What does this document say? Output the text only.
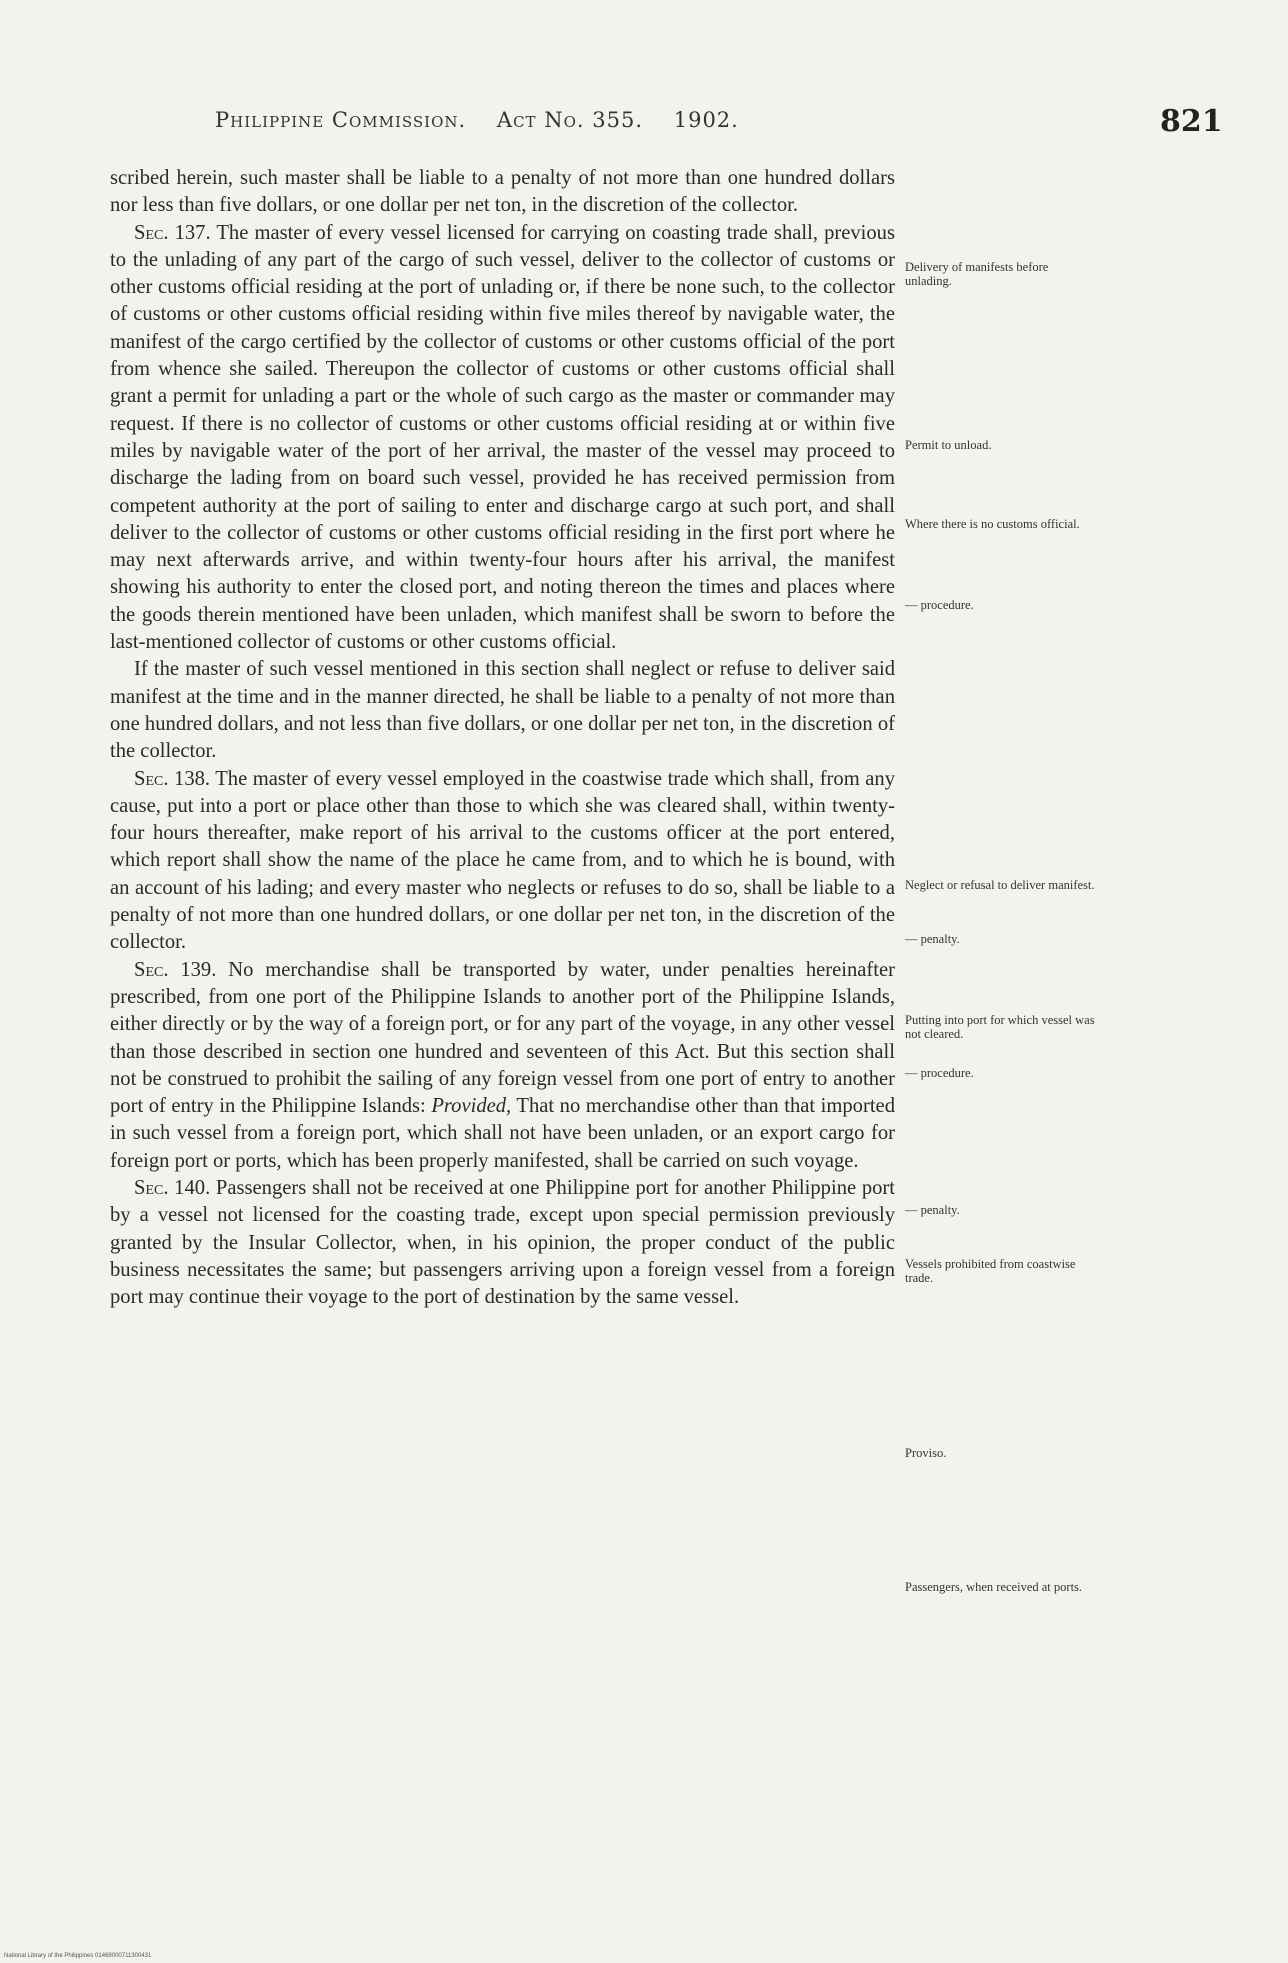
Philippine Commission. Act No. 355. 1902.	821

scribed herein, such master shall be liable to a penalty of not more than one hundred dollars nor less than five dollars, or one dollar per net ton, in the discretion of the collector.

Sec. 137. The master of every vessel licensed for carrying on coasting trade shall, previous to the unlading of any part of the cargo of such vessel, deliver to the collector of customs or other customs official residing at the port of unlading or, if there be none such, to the collector of customs or other customs official residing within five miles thereof by navigable water, the manifest of the cargo certified by the collector of customs or other customs official of the port from whence she sailed. Thereupon the collector of customs or other customs official shall grant a permit for unlading a part or the whole of such cargo as the master or commander may request. If there is no collector of customs or other customs official residing at or within five miles by navigable water of the port of her arrival, the master of the vessel may proceed to discharge the lading from on board such vessel, provided he has received permission from competent authority at the port of sailing to enter and discharge cargo at such port, and shall deliver to the collector of customs or other customs official residing in the first port where he may next afterwards arrive, and within twenty-four hours after his arrival, the manifest showing his authority to enter the closed port, and noting thereon the times and places where the goods therein mentioned have been unladen, which manifest shall be sworn to before the last-mentioned collector of customs or other customs official.

If the master of such vessel mentioned in this section shall neglect or refuse to deliver said manifest at the time and in the manner directed, he shall be liable to a penalty of not more than one hundred dollars, and not less than five dollars, or one dollar per net ton, in the discretion of the collector.

Sec. 138. The master of every vessel employed in the coastwise trade which shall, from any cause, put into a port or place other than those to which she was cleared shall, within twenty-four hours thereafter, make report of his arrival to the customs officer at the port entered, which report shall show the name of the place he came from, and to which he is bound, with an account of his lading; and every master who neglects or refuses to do so, shall be liable to a penalty of not more than one hundred dollars, or one dollar per net ton, in the discretion of the collector.

Sec. 139. No merchandise shall be transported by water, under penalties hereinafter prescribed, from one port of the Philippine Islands to another port of the Philippine Islands, either directly or by the way of a foreign port, or for any part of the voyage, in any other vessel than those described in section one hundred and seventeen of this Act. But this section shall not be construed to prohibit the sailing of any foreign vessel from one port of entry to another port of entry in the Philippine Islands: Provided, That no merchandise other than that imported in such vessel from a foreign port, which shall not have been unladen, or an export cargo for foreign port or ports, which has been properly manifested, shall be carried on such voyage.

Sec. 140. Passengers shall not be received at one Philippine port for another Philippine port by a vessel not licensed for the coasting trade, except upon special permission previously granted by the Insular Collector, when, in his opinion, the proper conduct of the public business necessitates the same; but passengers arriving upon a foreign vessel from a foreign port may continue their voyage to the port of destination by the same vessel.

Delivery of manifests before unlading.
Permit to unload.
Where there is no customs official.
— procedure.
Neglect or refusal to deliver manifest.
— penalty.
Putting into port for which vessel was not cleared.
— procedure.
— penalty.
Vessels prohibited from coastwise trade.
Proviso.
Passengers, when received at ports.
National Library of the Philippines 01469000711300431
